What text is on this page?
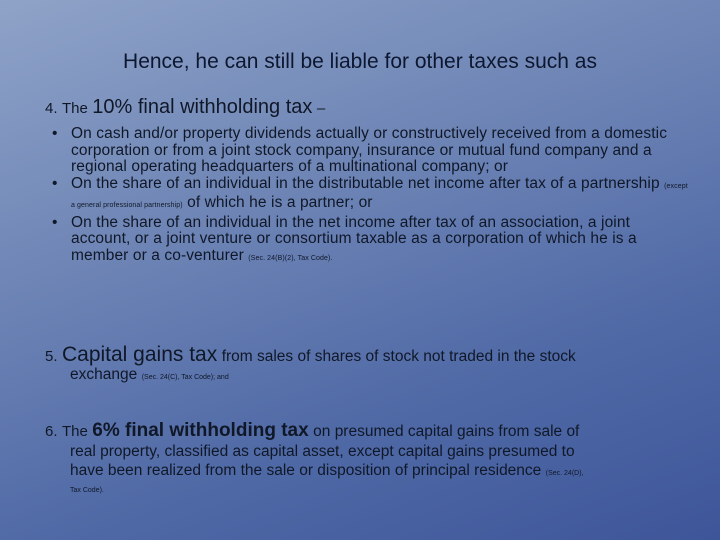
Hence, he can still be liable for other taxes such as
4. The 10% final withholding tax –
• On cash and/or property dividends actually or constructively received from a domestic corporation or from a joint stock company, insurance or mutual fund company and a regional operating headquarters of a multinational company; or
• On the share of an individual in the distributable net income after tax of a partnership (except a general professional partnership) of which he is a partner; or
• On the share of an individual in the net income after tax of an association, a joint account, or a joint venture or consortium taxable as a corporation of which he is a member or a co-venturer (Sec. 24(B)(2), Tax Code).
5. Capital gains tax from sales of shares of stock not traded in the stock
exchange (Sec. 24(C), Tax Code); and
6. The 6% final withholding tax on presumed capital gains from sale of
real property, classified as capital asset, except capital gains presumed to
have been realized from the sale or disposition of principal residence (Sec. 24(D),
Tax Code).
